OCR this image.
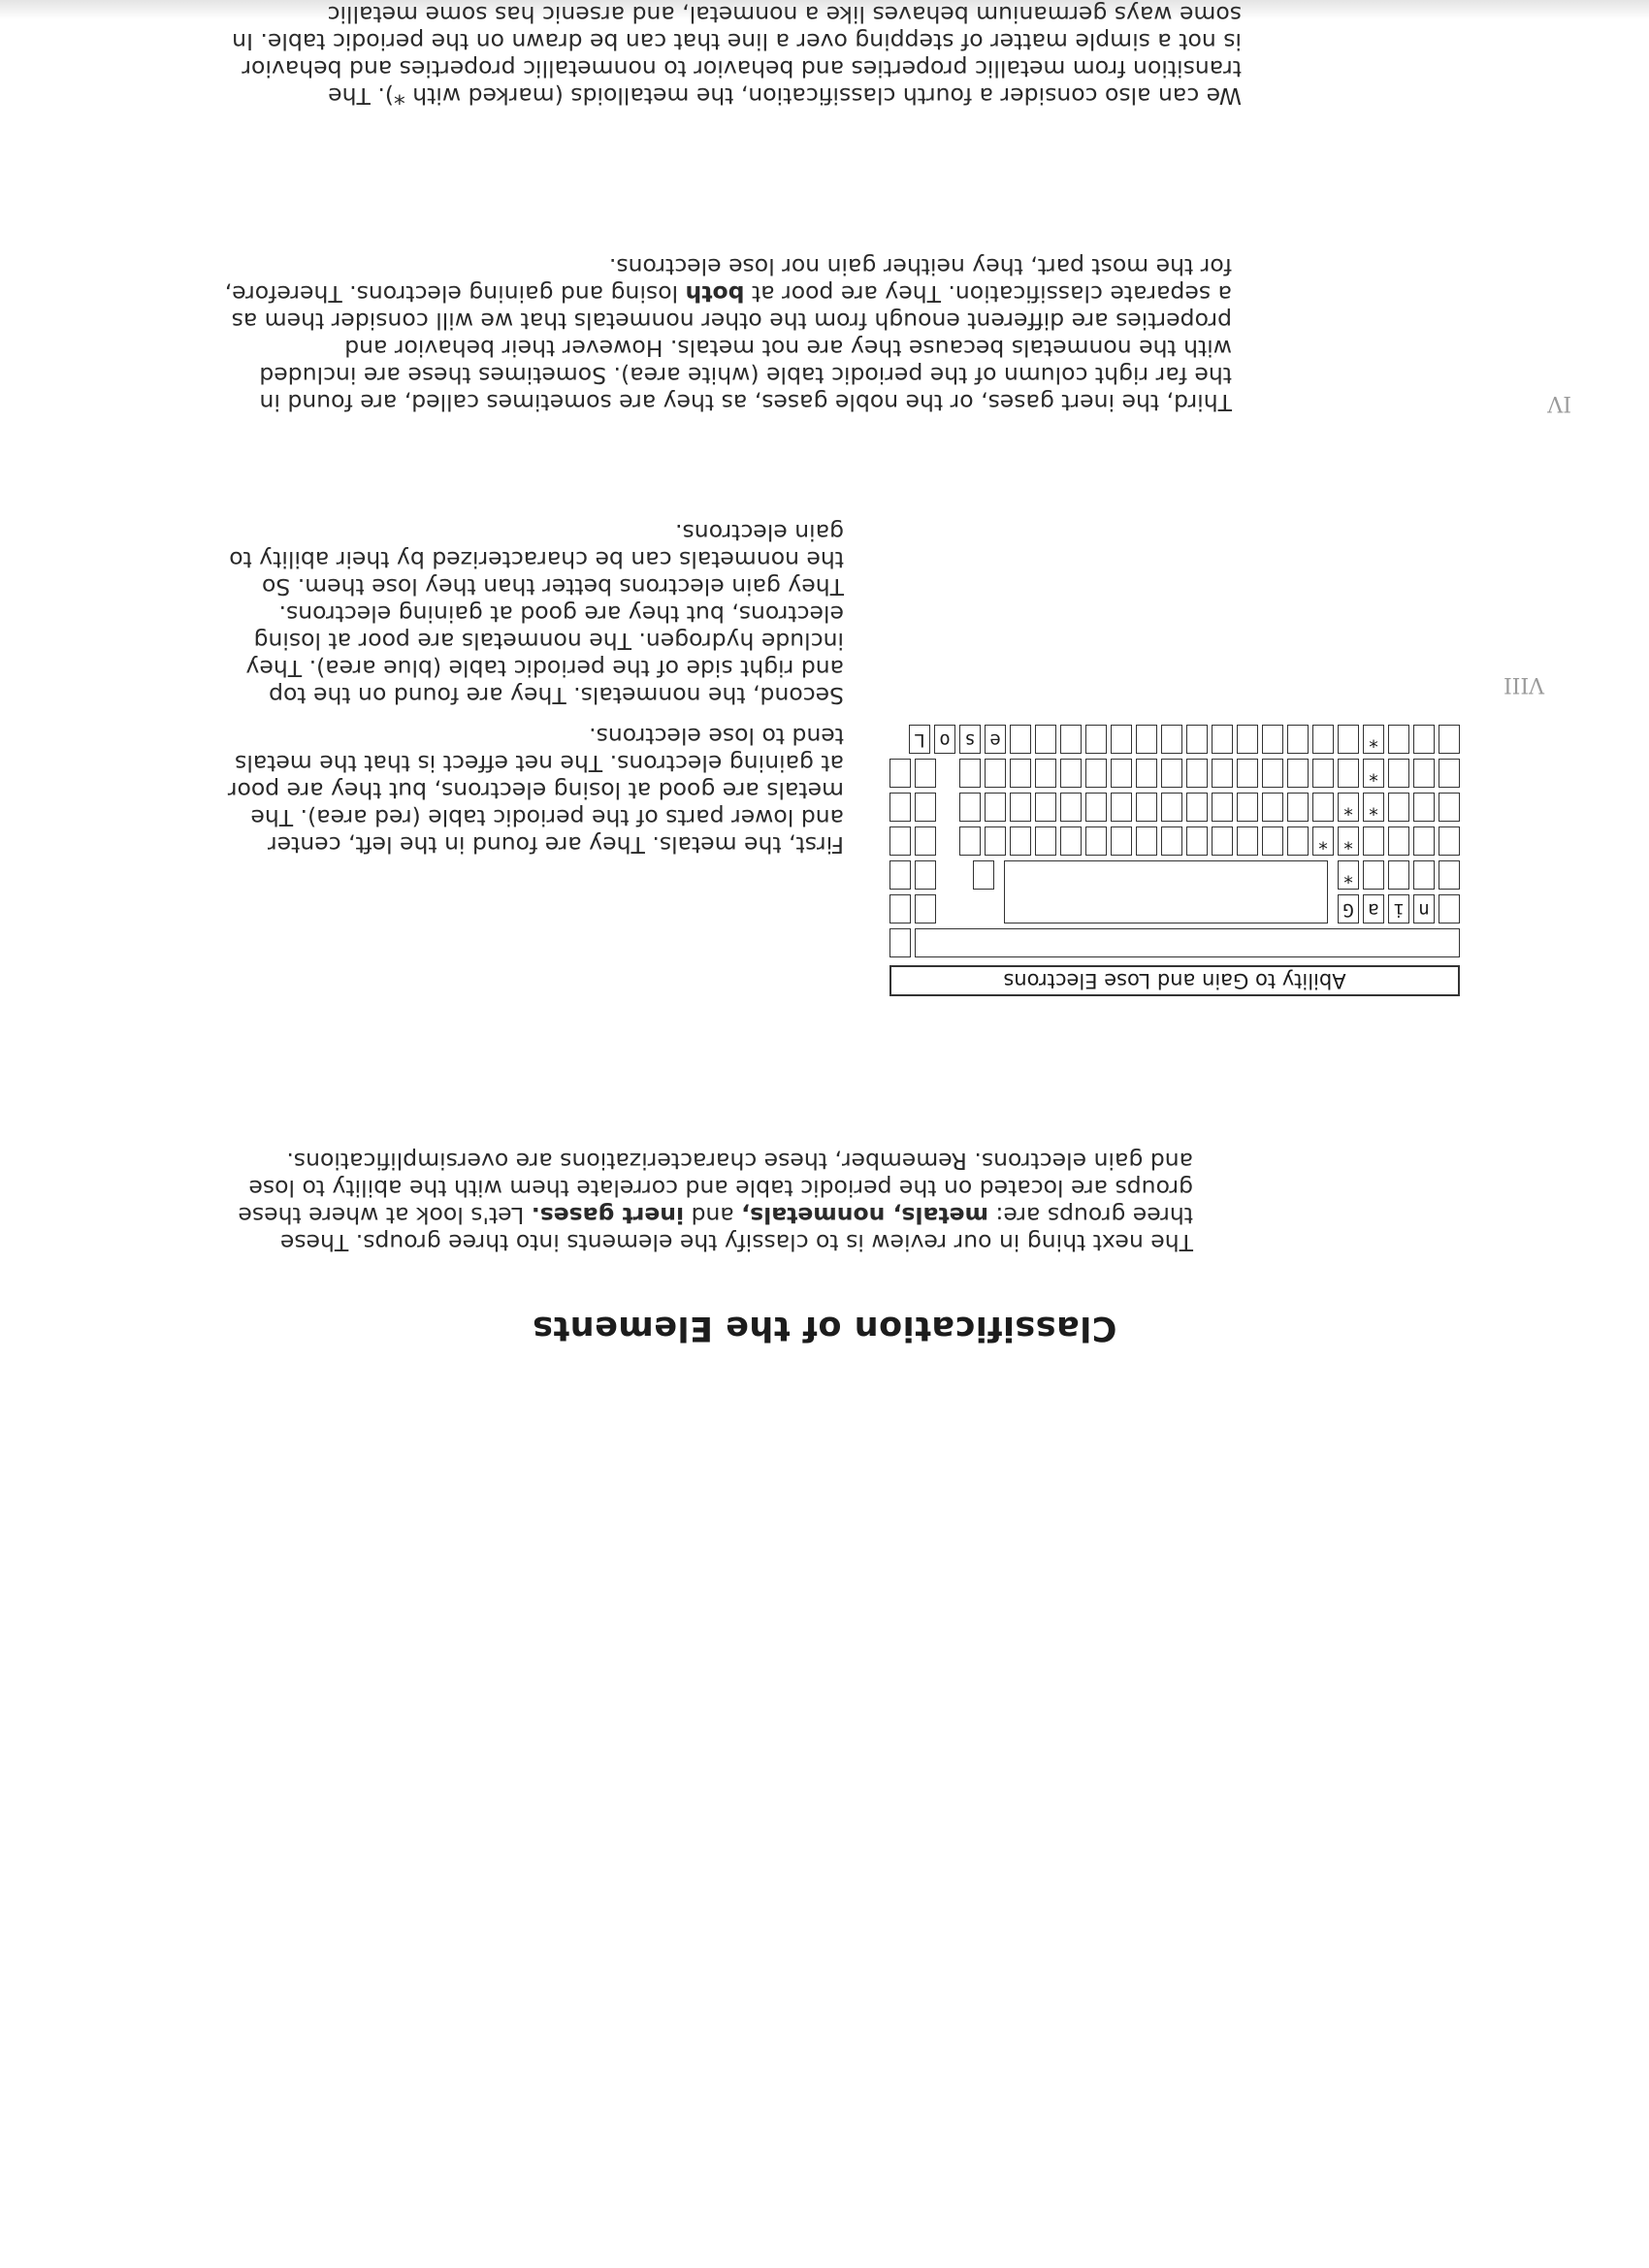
Classification of the Elements

The next thing in our review is to classify the elements into three groups. These three groups are: metals, nonmetals, and inert gases. Let's look at where these groups are located on the periodic table and correlate them with the ability to lose and gain electrons. Remember, these characterizations are oversimplifications.

First, the metals. They are found in the left, center and lower parts of the periodic table (red area). The metals are good at losing electrons, but they are poor at gaining electrons. The net effect is that the metals tend to lose electrons.

Second, the nonmetals. They are found on the top and right side of the periodic table (blue area). They include hydrogen. The nonmetals are poor at losing electrons, but they are good at gaining electrons. They gain electrons better than they lose them. So the nonmetals can be characterized by their ability to gain electrons.

Ability to Gain and Lose Electrons
n
i
a
G
*
*
*
*
*
*
*
e
s
o
L

Third, the inert gases, or the noble gases, as they are sometimes called, are found in the far right column of the periodic table (white area). Sometimes these are included with the nonmetals because they are not metals. However their behavior and properties are different enough from the other nonmetals that we will consider them as a separate classification. They are poor at both losing and gaining electrons. Therefore, for the most part, they neither gain nor lose electrons.

We can also consider a fourth classification, the metalloids (marked with *). The transition from metallic properties and behavior to nonmetallic properties and behavior is not a simple matter of stepping over a line that can be drawn on the periodic table. In some ways germanium behaves like a nonmetal, and arsenic has some metallic

VIII
IV
